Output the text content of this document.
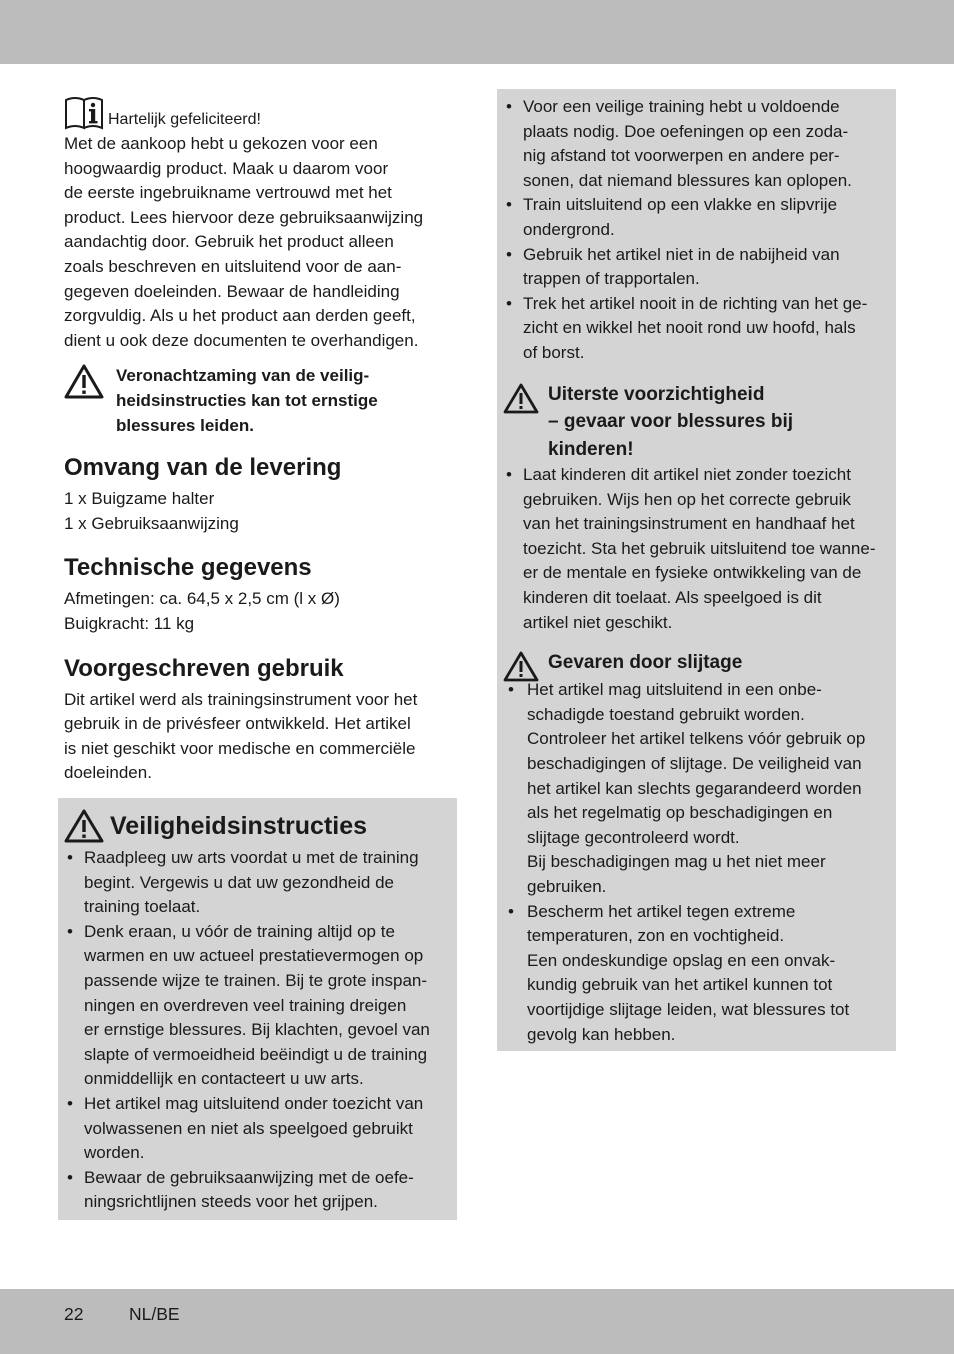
Hartelijk gefeliciteerd!
Met de aankoop hebt u gekozen voor een
hoogwaardig product. Maak u daarom voor
de eerste ingebruikname vertrouwd met het
product. Lees hiervoor deze gebruiksaanwijzing
aandachtig door. Gebruik het product alleen
zoals beschreven en uitsluitend voor de aan-
gegeven doeleinden. Bewaar de handleiding
zorgvuldig. Als u het product aan derden geeft,
dient u ook deze documenten te overhandigen.
Veronachtzaming van de veilig-
heidsinstructies kan tot ernstige
blessures leiden.
Omvang van de levering
1 x Buigzame halter
1 x Gebruiksaanwijzing
Technische gegevens
Afmetingen: ca. 64,5 x 2,5 cm (l x Ø)
Buigkracht: 11 kg
Voorgeschreven gebruik
Dit artikel werd als trainingsinstrument voor het
gebruik in de privésfeer ontwikkeld. Het artikel
is niet geschikt voor medische en commerciële
doeleinden.
Veiligheidsinstructies
• Raadpleeg uw arts voordat u met de training
begint. Vergewis u dat uw gezondheid de
training toelaat.
• Denk eraan, u vóór de training altijd op te
warmen en uw actueel prestatievermogen op
passende wijze te trainen. Bij te grote inspan-
ningen en overdreven veel training dreigen
er ernstige blessures. Bij klachten, gevoel van
slapte of vermoeidheid beëindigt u de training
onmiddellijk en contacteert u uw arts.
• Het artikel mag uitsluitend onder toezicht van
volwassenen en niet als speelgoed gebruikt
worden.
• Bewaar de gebruiksaanwijzing met de oefe-
ningsrichtlijnen steeds voor het grijpen.
• Voor een veilige training hebt u voldoende
plaats nodig. Doe oefeningen op een zoda-
nig afstand tot voorwerpen en andere per-
sonen, dat niemand blessures kan oplopen.
• Train uitsluitend op een vlakke en slipvrije
ondergrond.
• Gebruik het artikel niet in de nabijheid van
trappen of trapportalen.
• Trek het artikel nooit in de richting van het ge-
zicht en wikkel het nooit rond uw hoofd, hals
of borst.
Uiterste voorzichtigheid
– gevaar voor blessures bij
kinderen!
• Laat kinderen dit artikel niet zonder toezicht
gebruiken. Wijs hen op het correcte gebruik
van het trainingsinstrument en handhaaf het
toezicht. Sta het gebruik uitsluitend toe wanne-
er de mentale en fysieke ontwikkeling van de
kinderen dit toelaat. Als speelgoed is dit
artikel niet geschikt.
Gevaren door slijtage
• Het artikel mag uitsluitend in een onbe-
schadigde toestand gebruikt worden.
Controleer het artikel telkens vóór gebruik op
beschadigingen of slijtage. De veiligheid van
het artikel kan slechts gegarandeerd worden
als het regelmatig op beschadigingen en
slijtage gecontroleerd wordt.
Bij beschadigingen mag u het niet meer
gebruiken.
• Bescherm het artikel tegen extreme
temperaturen, zon en vochtigheid.
Een ondeskundige opslag en een onvak-
kundig gebruik van het artikel kunnen tot
voortijdige slijtage leiden, wat blessures tot
gevolg kan hebben.
22	NL/BE
